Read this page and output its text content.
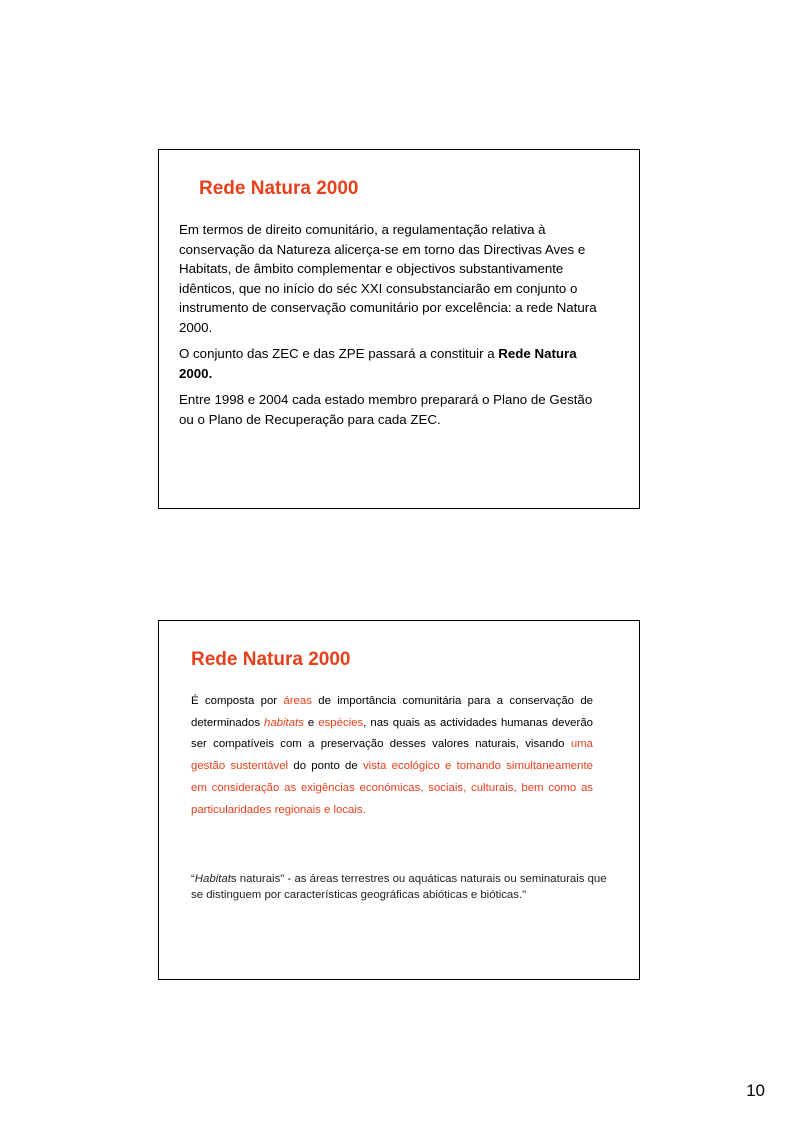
Rede Natura 2000

Em termos de direito comunitário, a regulamentação relativa à conservação da Natureza alicerça-se em torno das Directivas Aves e Habitats, de âmbito complementar e objectivos substantivamente idênticos, que no início do séc XXI consubstanciarão em conjunto o instrumento de conservação comunitário por excelência: a rede Natura 2000.

O conjunto das ZEC e das ZPE passará a constituir a Rede Natura 2000.

Entre 1998 e 2004 cada estado membro preparará o Plano de Gestão ou o Plano de Recuperação para cada ZEC.

Rede Natura 2000

É composta por áreas de importância comunitária para a conservação de determinados habitats e espécies, nas quais as actividades humanas deverão ser compatíveis com a preservação desses valores naturais, visando uma gestão sustentável do ponto de vista ecológico e tomando simultaneamente em consideração as exigências económicas, sociais, culturais, bem como as particularidades regionais e locais.

“Habitats naturais" - as áreas terrestres ou aquáticas naturais ou seminaturais que se distinguem por características geográficas abióticas e bióticas."

10
